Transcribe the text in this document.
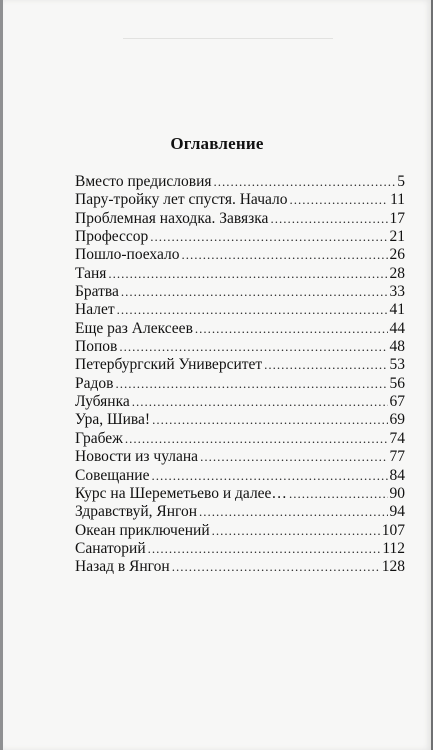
Оглавление
Вместо предисловия .....	5
Пару-тройку лет спустя. Начало .....	11
Проблемная находка. Завязка .....	17
Профессор .....	21
Пошло-поехало .....	26
Таня .....	28
Братва .....	33
Налет .....	41
Еще раз Алексеев .....	44
Попов .....	48
Петербургский Университет .....	53
Радов .....	56
Лубянка .....	67
Ура, Шива! .....	69
Грабеж .....	74
Новости из чулана .....	77
Совещание .....	84
Курс на Шереметьево и далее… .....	90
Здравствуй, Янгон .....	94
Океан приключений .....	107
Санаторий .....	112
Назад в Янгон .....	128
